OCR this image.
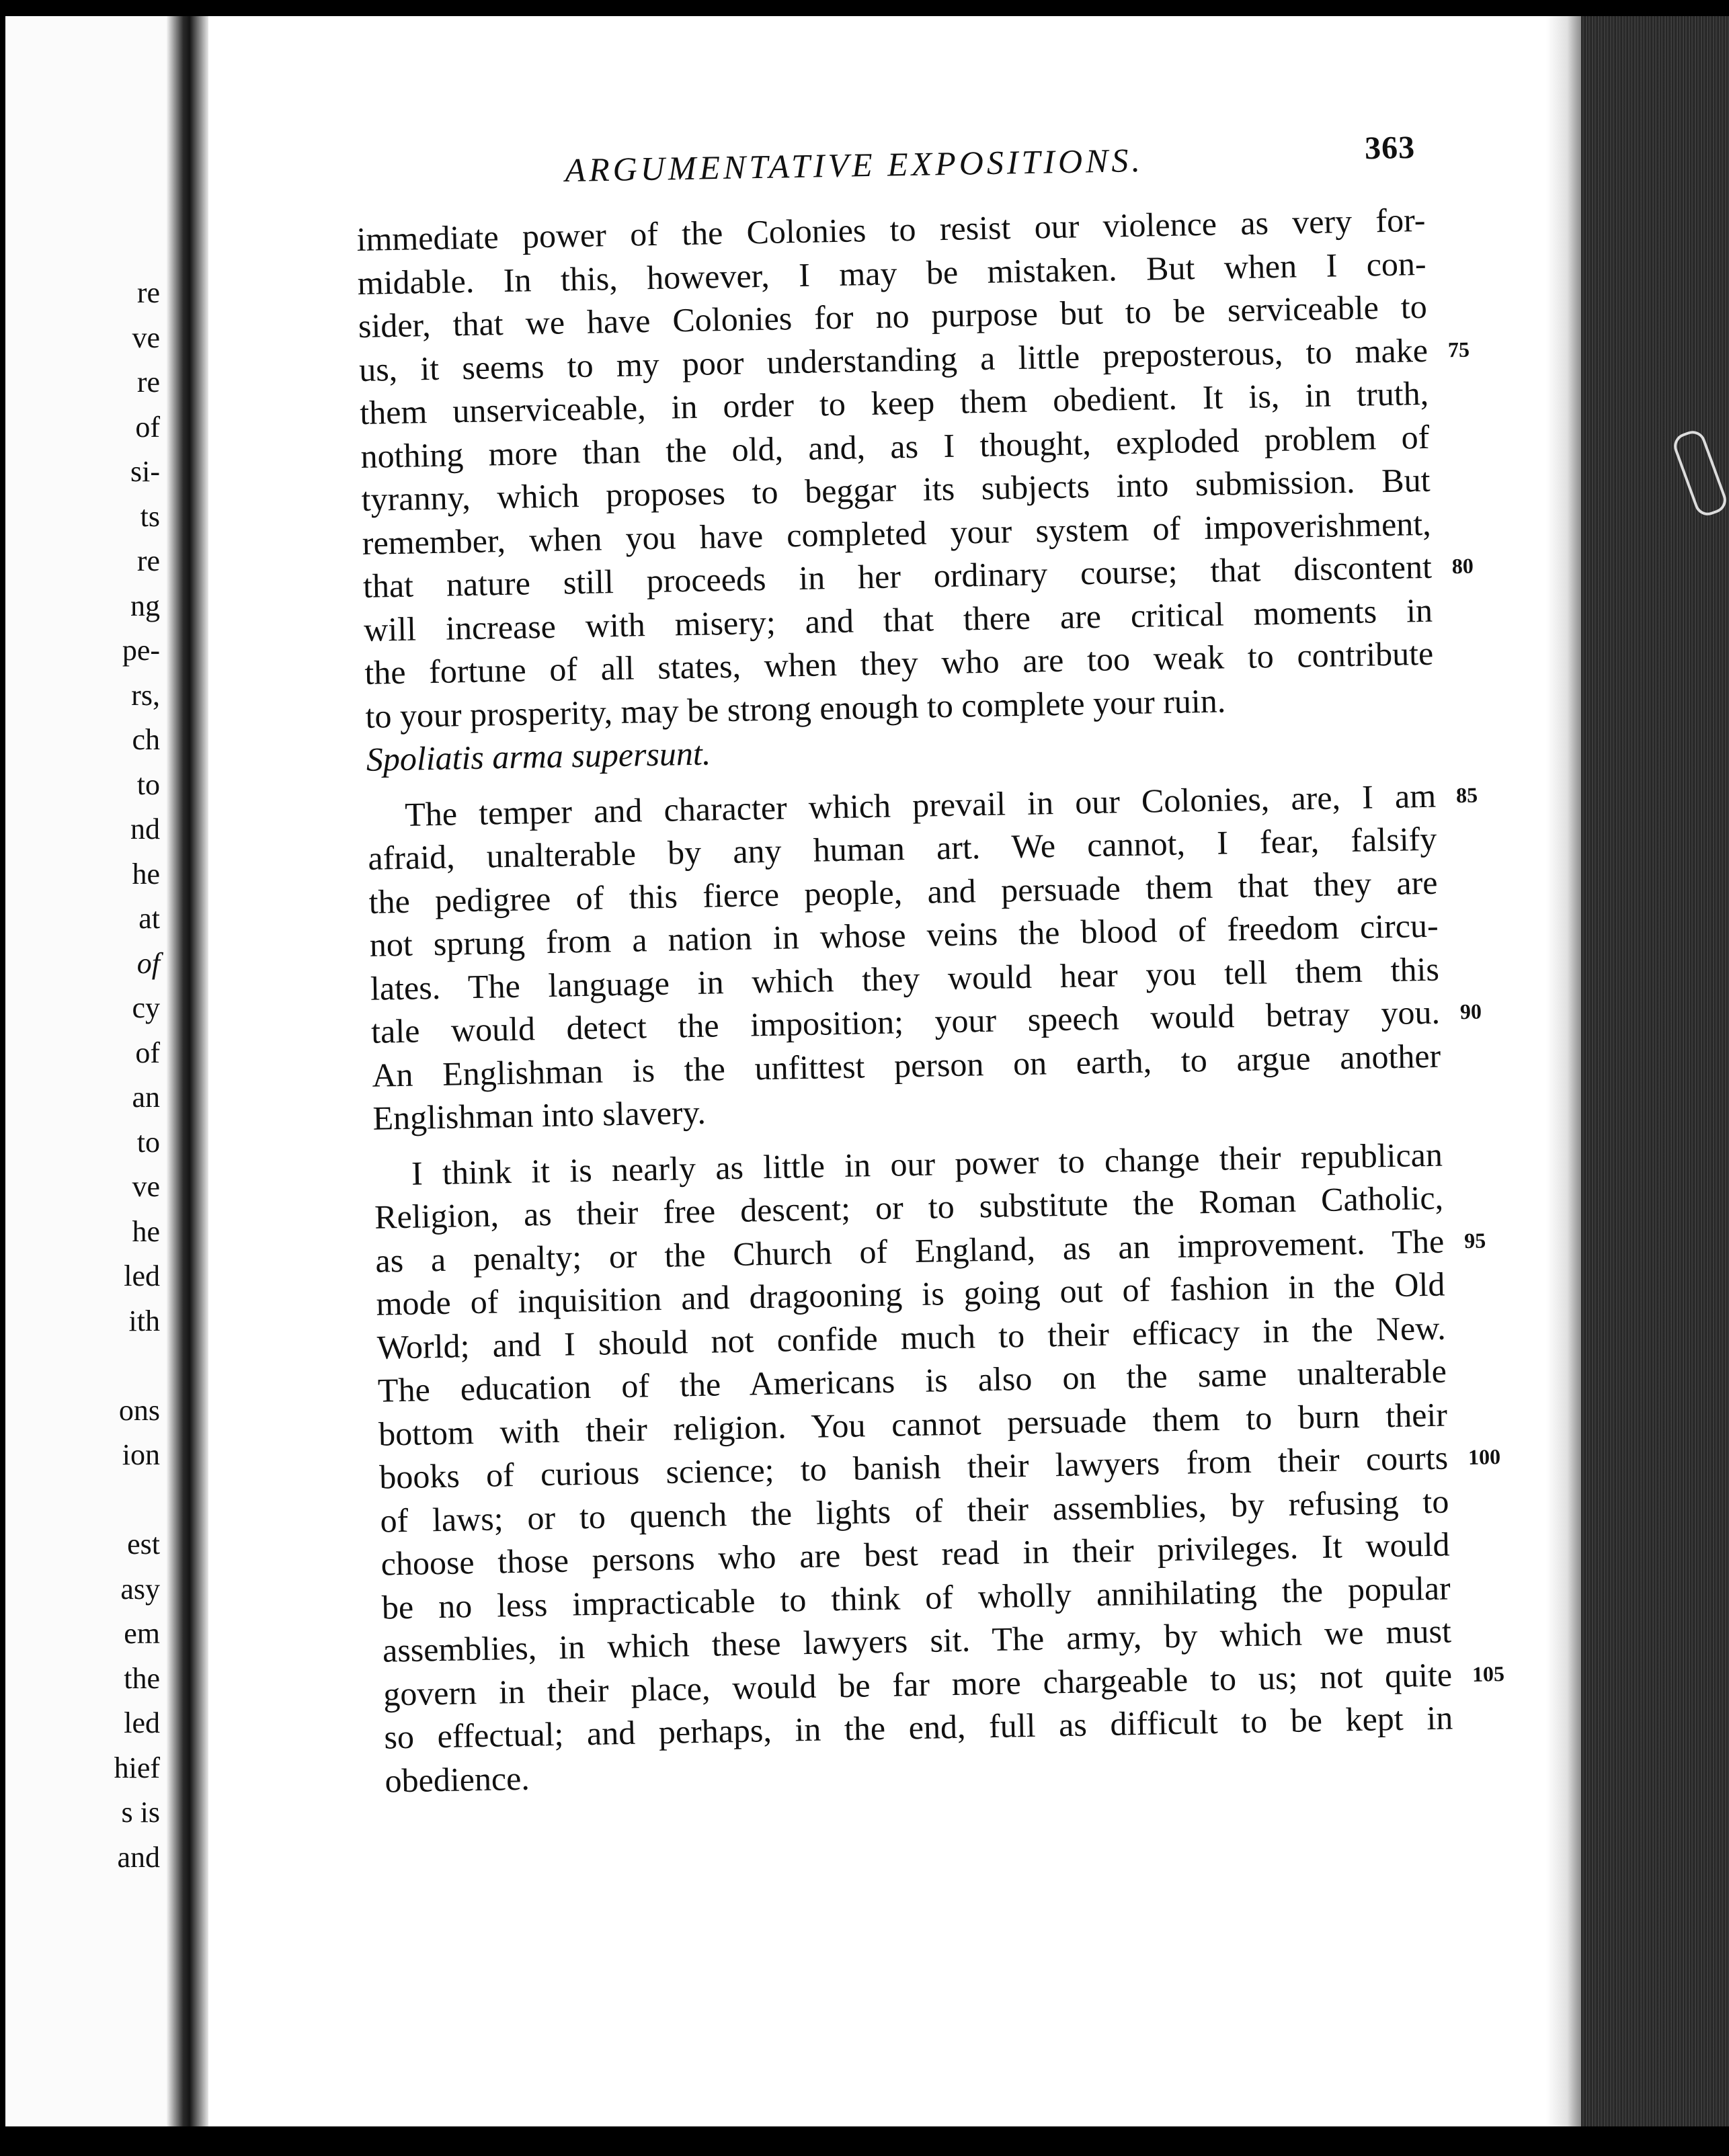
re
ve
re
of
si-
ts
re
ng
pe-
rs,
ch
to
nd
he
at
of
cy
of
an
to
ve
he
led
ith
ons
ion
est
asy
em
the
led
hief
s is
and
ARGUMENTATIVE EXPOSITIONS.	363
immediate power of the Colonies to resist our violence as very for-
midable. In this, however, I may be mistaken. But when I con-
sider, that we have Colonies for no purpose but to be serviceable to
us, it seems to my poor understanding a little preposterous, to make 75
them unserviceable, in order to keep them obedient. It is, in truth,
nothing more than the old, and, as I thought, exploded problem of
tyranny, which proposes to beggar its subjects into submission. But
remember, when you have completed your system of impoverishment,
that nature still proceeds in her ordinary course; that discontent 80
will increase with misery; and that there are critical moments in
the fortune of all states, when they who are too weak to contribute
to your prosperity, may be strong enough to complete your ruin.
Spoliatis arma supersunt.
The temper and character which prevail in our Colonies, are, I am 85
afraid, unalterable by any human art. We cannot, I fear, falsify
the pedigree of this fierce people, and persuade them that they are
not sprung from a nation in whose veins the blood of freedom circu-
lates. The language in which they would hear you tell them this
tale would detect the imposition; your speech would betray you. 90
An Englishman is the unfittest person on earth, to argue another
Englishman into slavery.
I think it is nearly as little in our power to change their republican
Religion, as their free descent; or to substitute the Roman Catholic,
as a penalty; or the Church of England, as an improvement. The 95
mode of inquisition and dragooning is going out of fashion in the Old
World; and I should not confide much to their efficacy in the New.
The education of the Americans is also on the same unalterable
bottom with their religion. You cannot persuade them to burn their
books of curious science; to banish their lawyers from their courts 100
of laws; or to quench the lights of their assemblies, by refusing to
choose those persons who are best read in their privileges. It would
be no less impracticable to think of wholly annihilating the popular
assemblies, in which these lawyers sit. The army, by which we must
govern in their place, would be far more chargeable to us; not quite 105
so effectual; and perhaps, in the end, full as difficult to be kept in
obedience.
